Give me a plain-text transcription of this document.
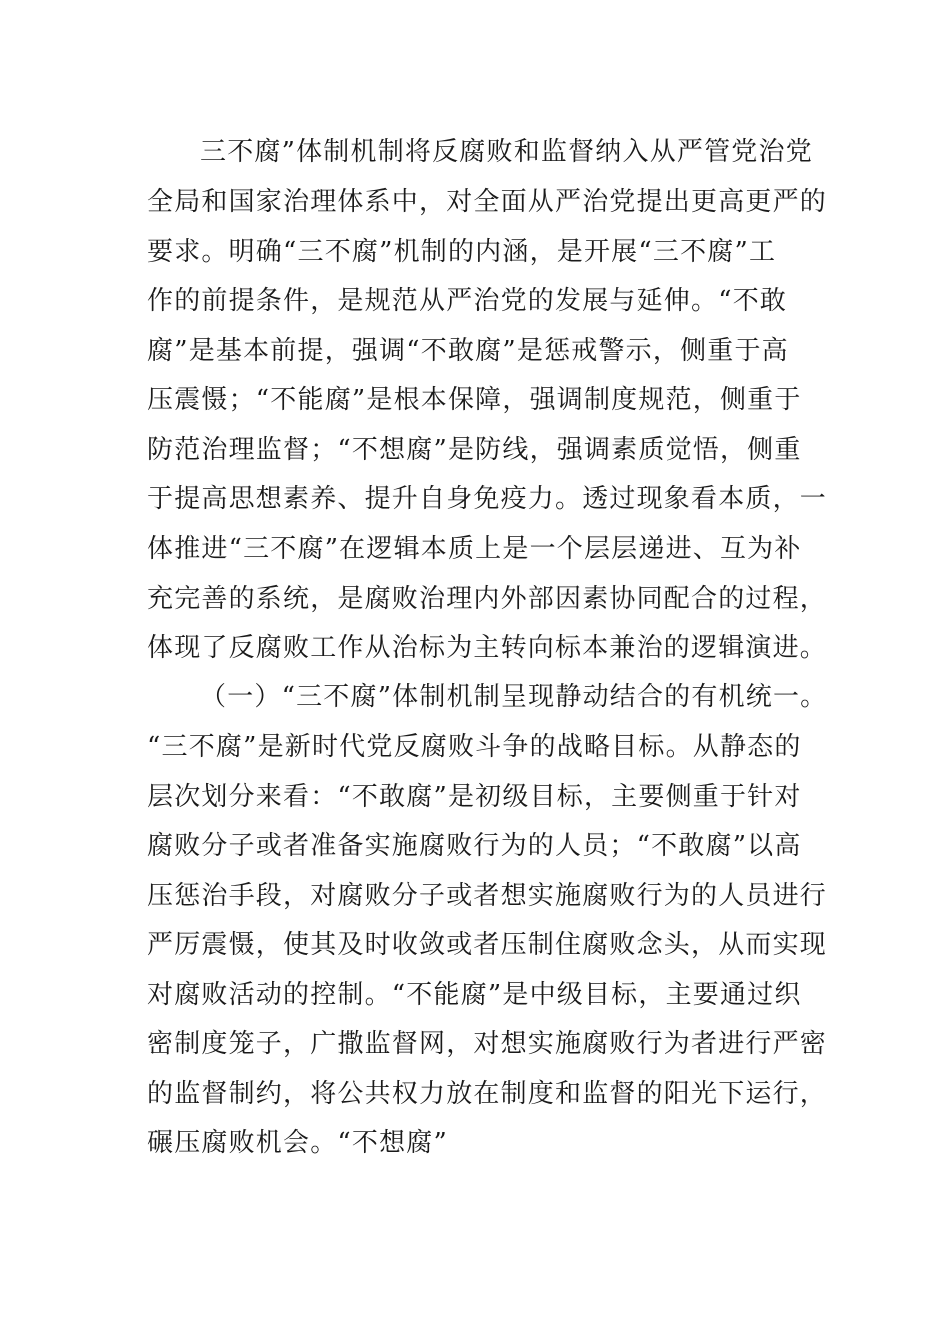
三不腐”体制机制将反腐败和监督纳入从严管党治党
全局和国家治理体系中，对全面从严治党提出更高更严的
要求。明确“三不腐”机制的内涵，是开展“三不腐”工
作的前提条件，是规范从严治党的发展与延伸。“不敢
腐”是基本前提，强调“不敢腐”是惩戒警示，侧重于高
压震慑；“不能腐”是根本保障，强调制度规范，侧重于
防范治理监督；“不想腐”是防线，强调素质觉悟，侧重
于提高思想素养、提升自身免疫力。透过现象看本质，一
体推进“三不腐”在逻辑本质上是一个层层递进、互为补
充完善的系统，是腐败治理内外部因素协同配合的过程，
体现了反腐败工作从治标为主转向标本兼治的逻辑演进。
（一）“三不腐”体制机制呈现静动结合的有机统一。
“三不腐”是新时代党反腐败斗争的战略目标。从静态的
层次划分来看：“不敢腐”是初级目标，主要侧重于针对
腐败分子或者准备实施腐败行为的人员；“不敢腐”以高
压惩治手段，对腐败分子或者想实施腐败行为的人员进行
严厉震慑，使其及时收敛或者压制住腐败念头，从而实现
对腐败活动的控制。“不能腐”是中级目标，主要通过织
密制度笼子，广撒监督网，对想实施腐败行为者进行严密
的监督制约，将公共权力放在制度和监督的阳光下运行，
碾压腐败机会。“不想腐”
